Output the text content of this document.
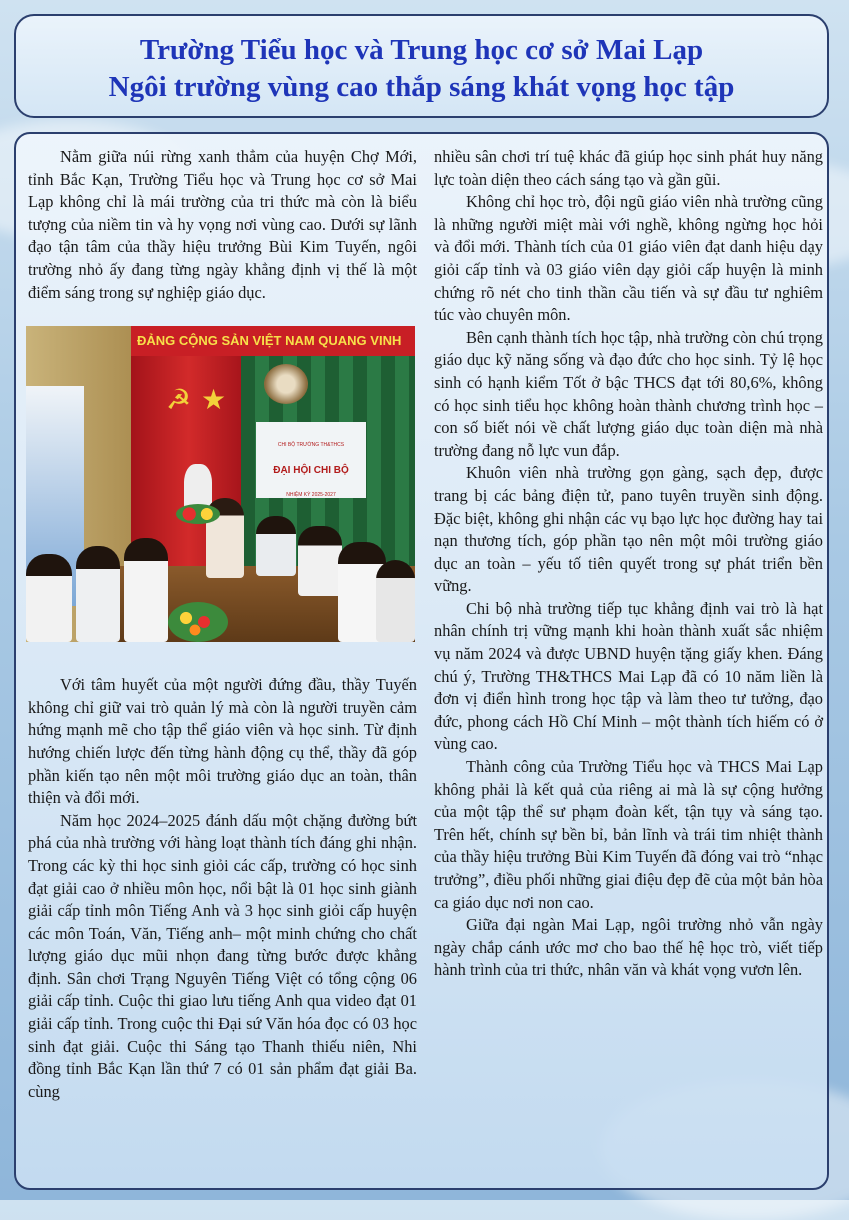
Trường Tiểu học và Trung học cơ sở Mai Lạp

Ngôi trường vùng cao thắp sáng khát vọng học tập

Nằm giữa núi rừng xanh thẳm của huyện Chợ Mới, tỉnh Bắc Kạn, Trường Tiểu học và Trung học cơ sở Mai Lạp không chỉ là mái trường của tri thức mà còn là biểu tượng của niềm tin và hy vọng nơi vùng cao. Dưới sự lãnh đạo tận tâm của thầy hiệu trưởng Bùi Kim Tuyến, ngôi trường nhỏ ấy đang từng ngày khẳng định vị thế là một điểm sáng trong sự nghiệp giáo dục.

ĐẢNG CỘNG SẢN VIỆT NAM QUANG VINH
☭ ★
CHI BỘ TRƯỜNG TH&THCS
ĐẠI HỘI CHI BỘ
NHIỆM KỲ 2025-2027

Với tâm huyết của một người đứng đầu, thầy Tuyến không chỉ giữ vai trò quản lý mà còn là người truyền cảm hứng mạnh mẽ cho tập thể giáo viên và học sinh. Từ định hướng chiến lược đến từng hành động cụ thể, thầy đã góp phần kiến tạo nên một môi trường giáo dục an toàn, thân thiện và đổi mới.

Năm học 2024–2025 đánh dấu một chặng đường bứt phá của nhà trường với hàng loạt thành tích đáng ghi nhận. Trong các kỳ thi học sinh giỏi các cấp, trường có học sinh đạt giải cao ở nhiều môn học, nổi bật là 01 học sinh giành giải cấp tỉnh môn Tiếng Anh và 3 học sinh giỏi cấp huyện các môn Toán, Văn, Tiếng anh– một minh chứng cho chất lượng giáo dục mũi nhọn đang từng bước được khẳng định. Sân chơi Trạng Nguyên Tiếng Việt có tổng cộng 06 giải cấp tỉnh. Cuộc thi giao lưu tiếng Anh qua video đạt 01 giải cấp tỉnh. Trong cuộc thi Đại sứ Văn hóa đọc có 03 học sinh đạt giải. Cuộc thi Sáng tạo Thanh thiếu niên, Nhi đồng tỉnh Bắc Kạn lần thứ 7 có 01 sản phẩm đạt giải Ba. cùng

nhiều sân chơi trí tuệ khác đã giúp học sinh phát huy năng lực toàn diện theo cách sáng tạo và gần gũi.

Không chỉ học trò, đội ngũ giáo viên nhà trường cũng là những người miệt mài với nghề, không ngừng học hỏi và đổi mới. Thành tích của 01 giáo viên đạt danh hiệu dạy giỏi cấp tỉnh và 03 giáo viên dạy giỏi cấp huyện là minh chứng rõ nét cho tinh thần cầu tiến và sự đầu tư nghiêm túc vào chuyên môn.

Bên cạnh thành tích học tập, nhà trường còn chú trọng giáo dục kỹ năng sống và đạo đức cho học sinh. Tỷ lệ học sinh có hạnh kiểm Tốt ở bậc THCS đạt tới 80,6%, không có học sinh tiểu học không hoàn thành chương trình học – con số biết nói về chất lượng giáo dục toàn diện mà nhà trường đang nỗ lực vun đắp.

Khuôn viên nhà trường gọn gàng, sạch đẹp, được trang bị các bảng điện tử, pano tuyên truyền sinh động. Đặc biệt, không ghi nhận các vụ bạo lực học đường hay tai nạn thương tích, góp phần tạo nên một môi trường giáo dục an toàn – yếu tố tiên quyết trong sự phát triển bền vững.

Chi bộ nhà trường tiếp tục khẳng định vai trò là hạt nhân chính trị vững mạnh khi hoàn thành xuất sắc nhiệm vụ năm 2024 và được UBND huyện tặng giấy khen. Đáng chú ý, Trường TH&THCS Mai Lạp đã có 10 năm liền là đơn vị điển hình trong học tập và làm theo tư tưởng, đạo đức, phong cách Hồ Chí Minh – một thành tích hiếm có ở vùng cao.

Thành công của Trường Tiểu học và THCS Mai Lạp không phải là kết quả của riêng ai mà là sự cộng hưởng của một tập thể sư phạm đoàn kết, tận tụy và sáng tạo. Trên hết, chính sự bền bỉ, bản lĩnh và trái tim nhiệt thành của thầy hiệu trưởng Bùi Kim Tuyến đã đóng vai trò “nhạc trưởng”, điều phối những giai điệu đẹp đẽ của một bản hòa ca giáo dục nơi non cao.

Giữa đại ngàn Mai Lạp, ngôi trường nhỏ vẫn ngày ngày chắp cánh ước mơ cho bao thế hệ học trò, viết tiếp hành trình của tri thức, nhân văn và khát vọng vươn lên.
